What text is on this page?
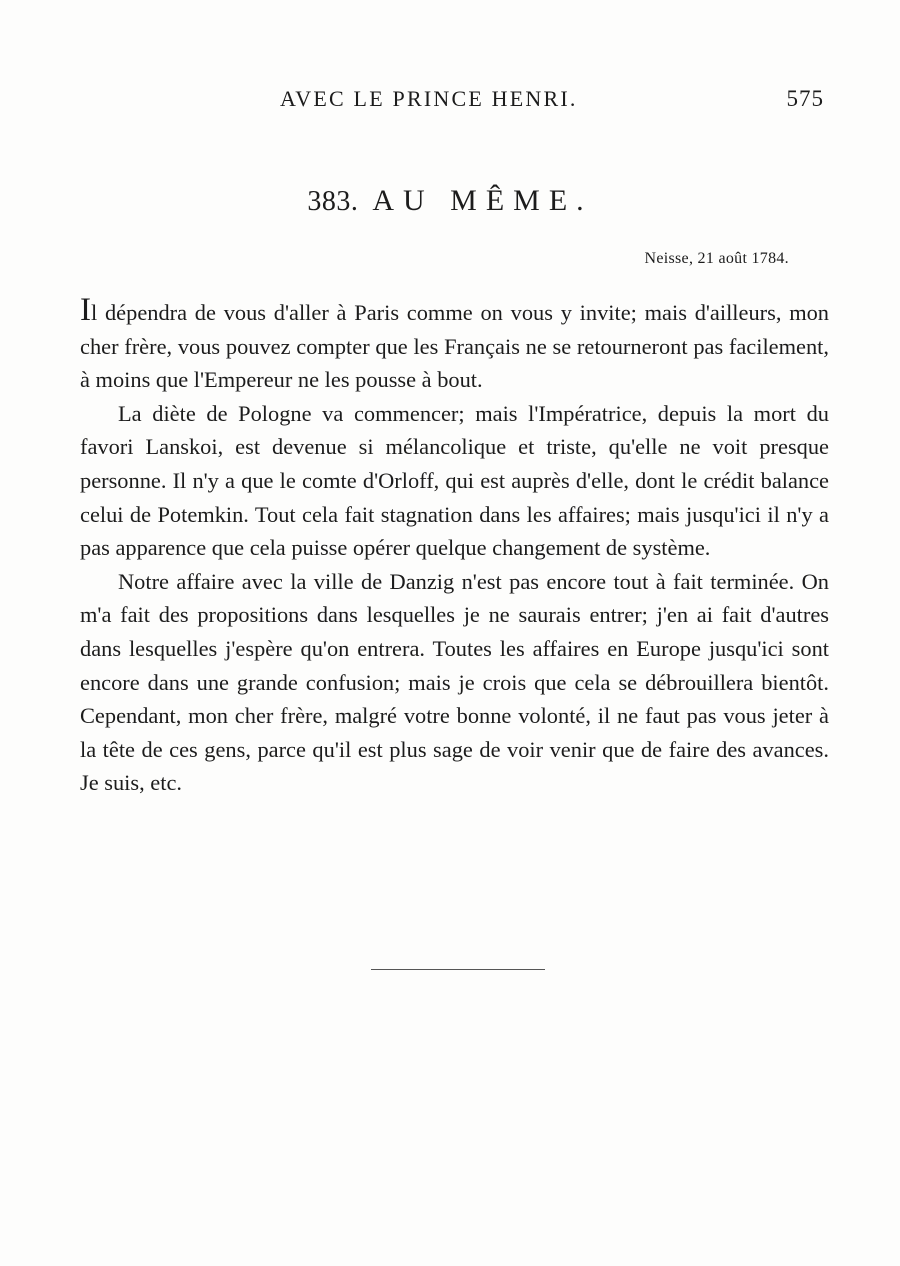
AVEC LE PRINCE HENRI.	575
383. AU MÊME.
Neisse, 21 août 1784.

Il dépendra de vous d'aller à Paris comme on vous y invite; mais d'ailleurs, mon cher frère, vous pouvez compter que les Français ne se retourneront pas facilement, à moins que l'Empereur ne les pousse à bout.

La diète de Pologne va commencer; mais l'Impératrice, depuis la mort du favori Lanskoi, est devenue si mélancolique et triste, qu'elle ne voit presque personne. Il n'y a que le comte d'Orloff, qui est auprès d'elle, dont le crédit balance celui de Potemkin. Tout cela fait stagnation dans les affaires; mais jusqu'ici il n'y a pas apparence que cela puisse opérer quelque changement de système.

Notre affaire avec la ville de Danzig n'est pas encore tout à fait terminée. On m'a fait des propositions dans lesquelles je ne saurais entrer; j'en ai fait d'autres dans lesquelles j'espère qu'on entrera. Toutes les affaires en Europe jusqu'ici sont encore dans une grande confusion; mais je crois que cela se débrouillera bientôt. Cependant, mon cher frère, malgré votre bonne volonté, il ne faut pas vous jeter à la tête de ces gens, parce qu'il est plus sage de voir venir que de faire des avances. Je suis, etc.
